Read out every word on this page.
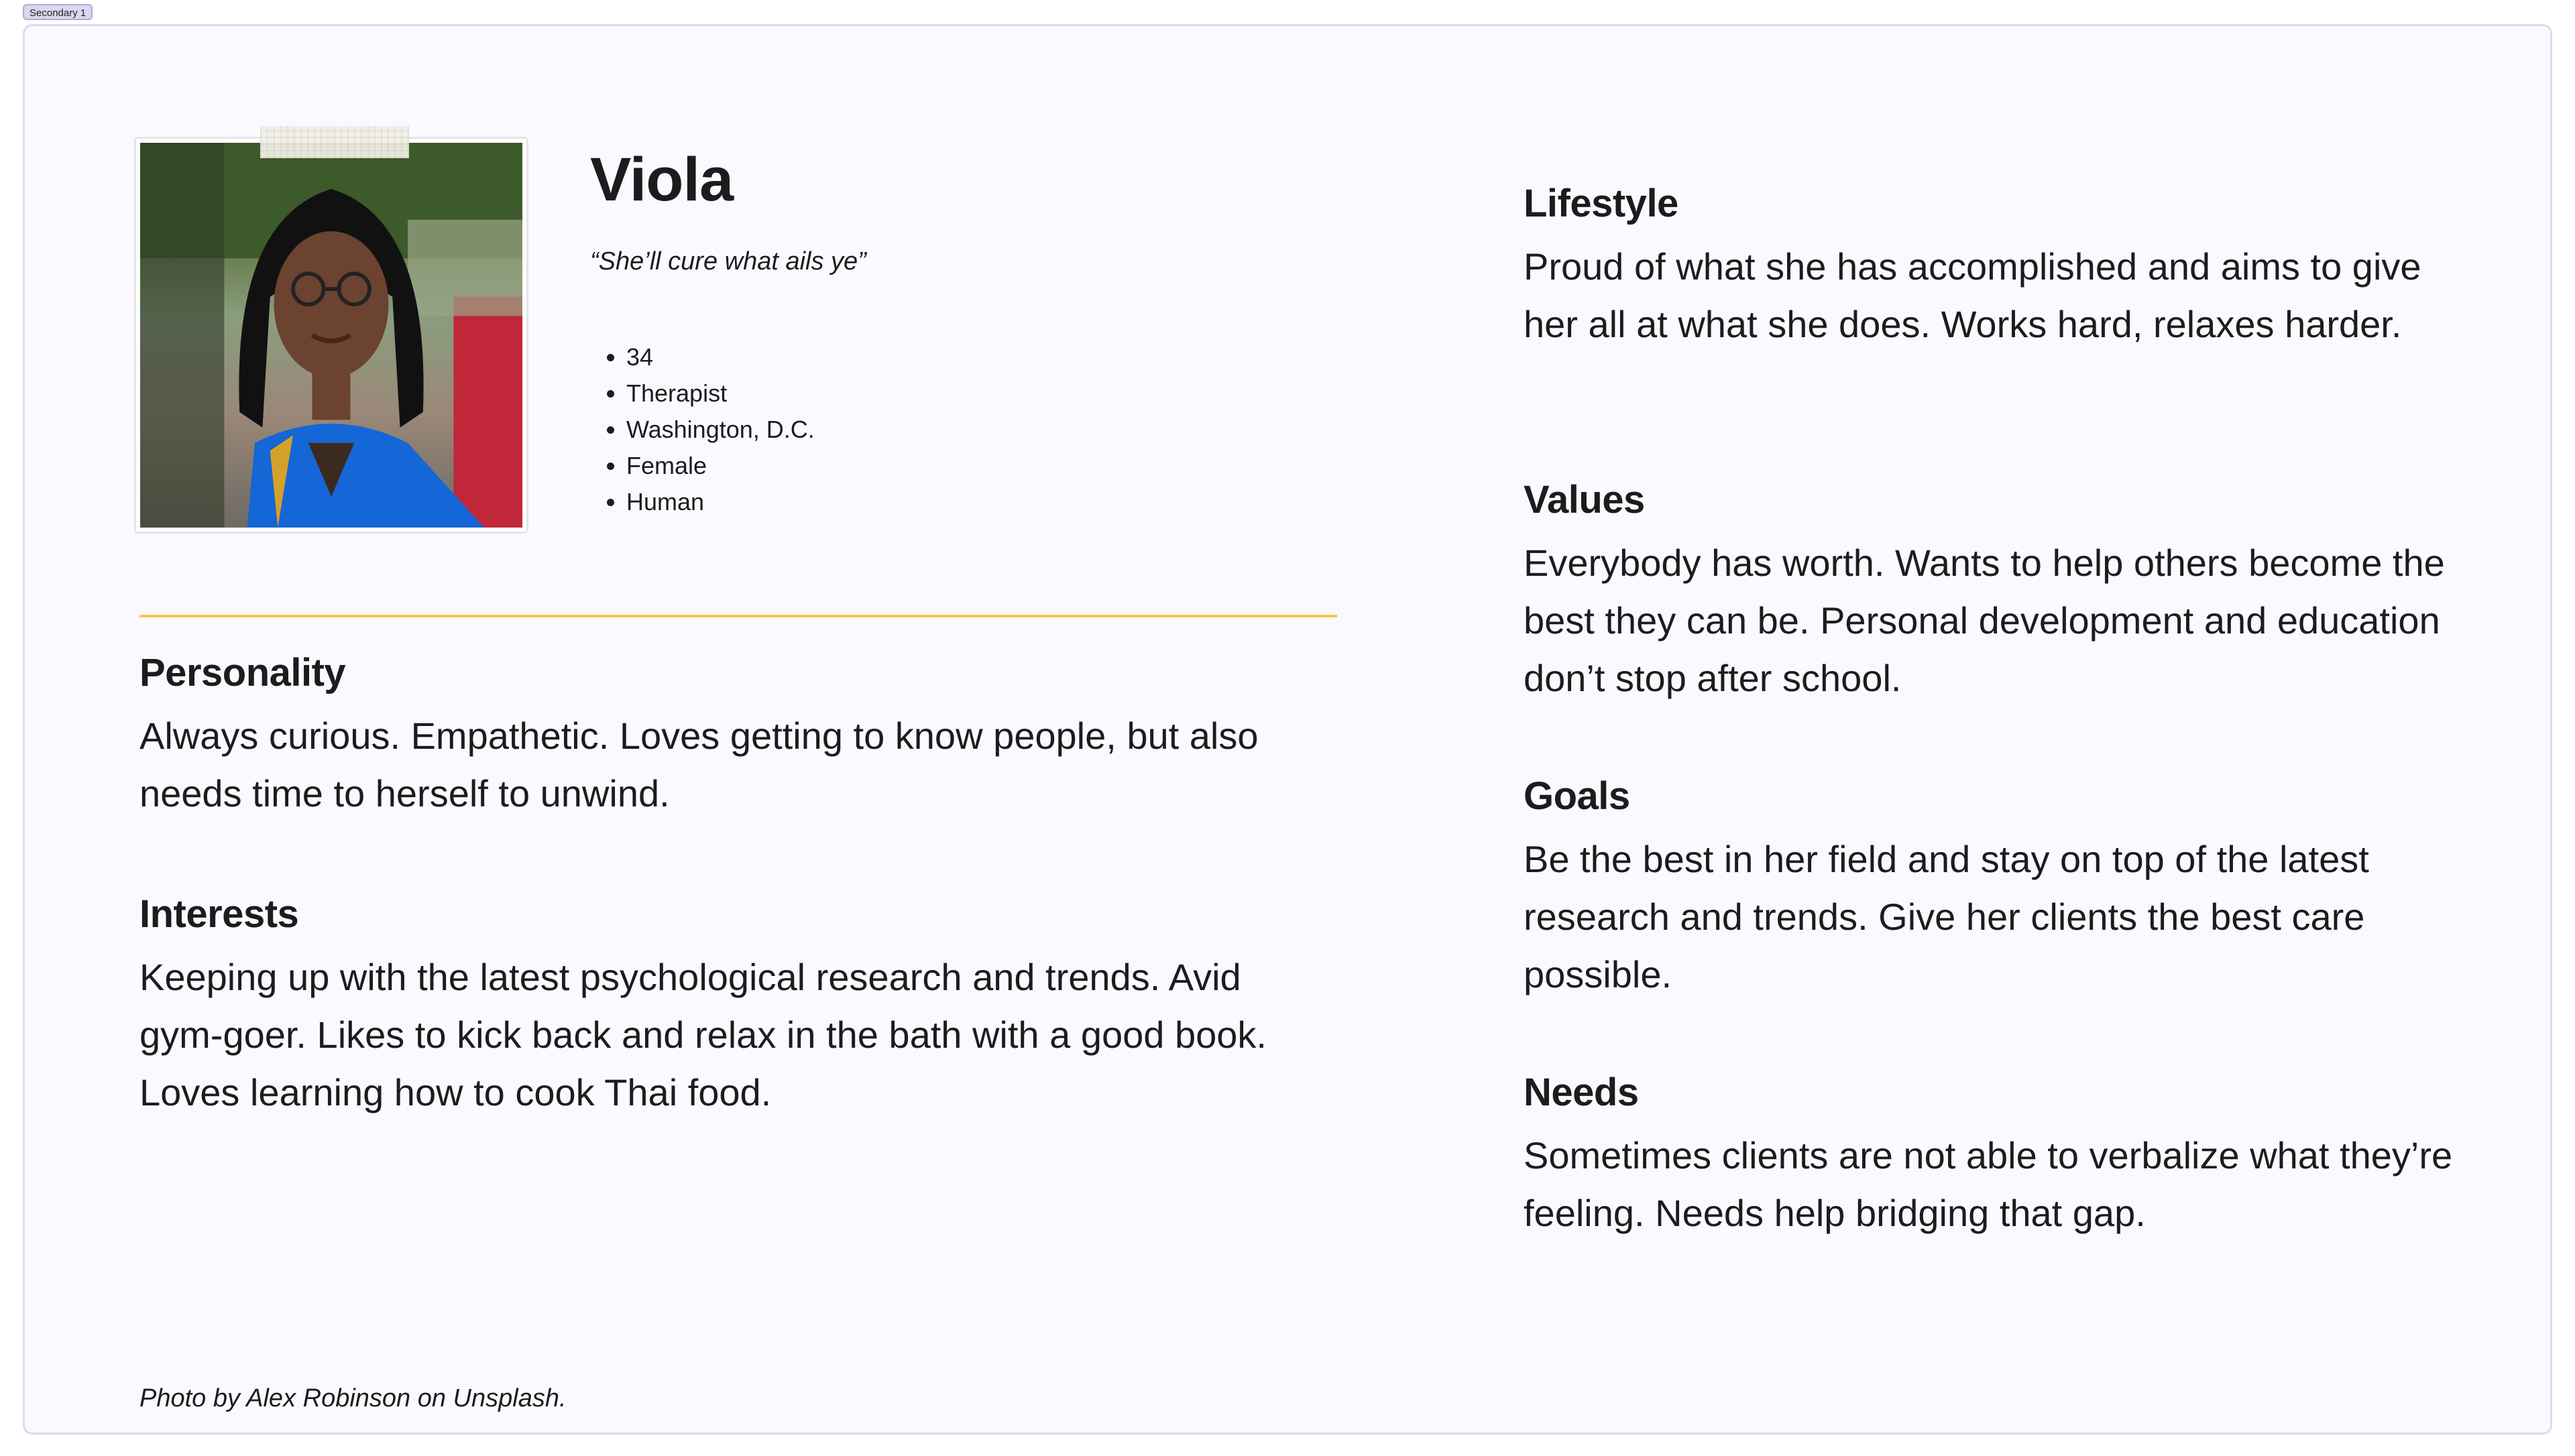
Secondary 1
Viola
“She’ll cure what ails ye”
• 34
• Therapist
• Washington, D.C.
• Female
• Human
Personality

Always curious. Empathetic. Loves getting to know people, but also needs time to herself to unwind.

Interests

Keeping up with the latest psychological research and trends. Avid gym-goer. Likes to kick back and relax in the bath with a good book. Loves learning how to cook Thai food.

Lifestyle

Proud of what she has accomplished and aims to give her all at what she does. Works hard, relaxes harder.

Values

Everybody has worth. Wants to help others become the best they can be. Personal development and education don’t stop after school.

Goals

Be the best in her field and stay on top of the latest research and trends. Give her clients the best care possible.

Needs

Sometimes clients are not able to verbalize what they’re feeling. Needs help bridging that gap.

Photo by Alex Robinson on Unsplash.
